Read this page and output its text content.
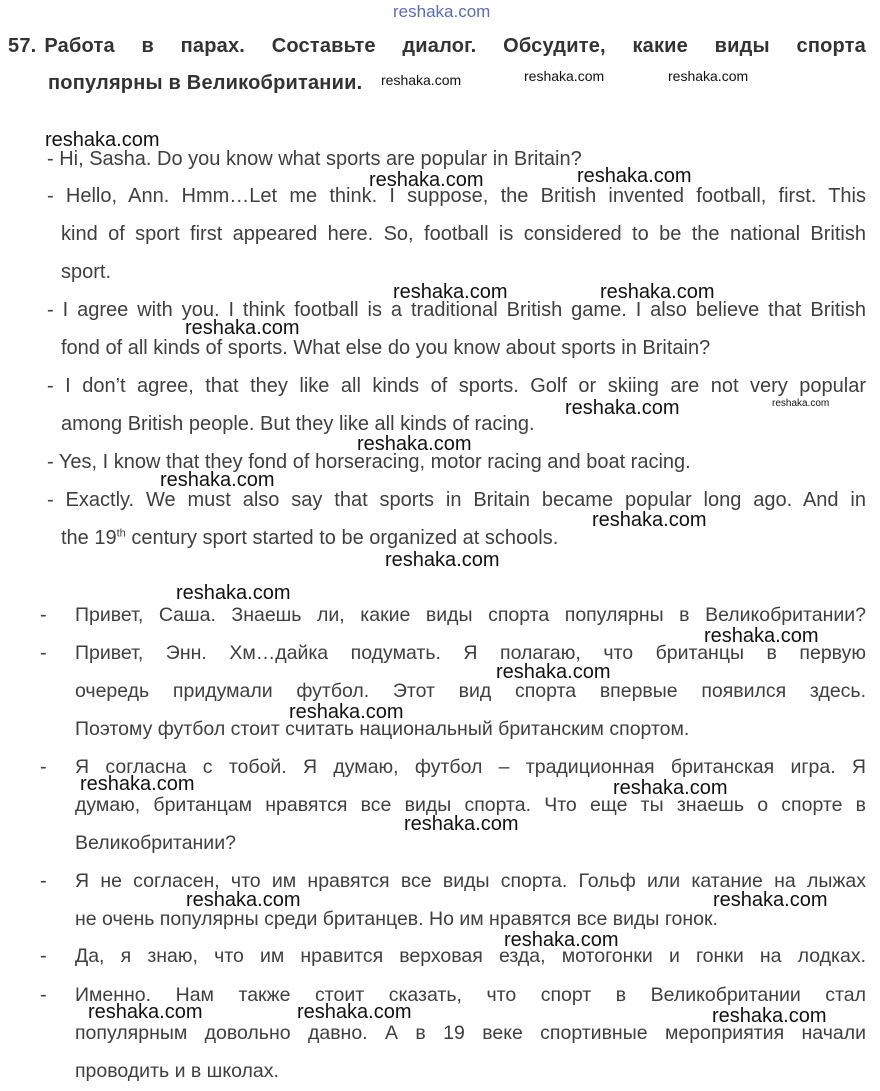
reshaka.com
57. Работа в парах. Составьте диалог. Обсудите, какие виды спорта
популярны в Великобритании.
- Hi, Sasha. Do you know what sports are popular in Britain?
- Hello, Ann. Hmm…Let me think. I suppose, the British invented football, first. This
kind of sport first appeared here. So, football is considered to be the national British
sport.
- I agree with you. I think football is a traditional British game. I also believe that British
fond of all kinds of sports. What else do you know about sports in Britain?
- I don’t agree, that they like all kinds of sports. Golf or skiing are not very popular
among British people. But they like all kinds of racing.
- Yes, I know that they fond of horseracing, motor racing and boat racing.
- Exactly. We must also say that sports in Britain became popular long ago. And in
the 19th century sport started to be organized at schools.
- Привет, Саша. Знаешь ли, какие виды спорта популярны в Великобритании?
- Привет, Энн. Хм…дайка подумать. Я полагаю, что британцы в первую
очередь придумали футбол. Этот вид спорта впервые появился здесь.
Поэтому футбол стоит считать национальный британским спортом.
- Я согласна с тобой. Я думаю, футбол – традиционная британская игра. Я
думаю, британцам нравятся все виды спорта. Что еще ты знаешь о спорте в
Великобритании?
- Я не согласен, что им нравятся все виды спорта. Гольф или катание на лыжах
не очень популярны среди британцев. Но им нравятся все виды гонок.
- Да, я знаю, что им нравится верховая езда, мотогонки и гонки на лодках.
- Именно. Нам также стоит сказать, что спорт в Великобритании стал
популярным довольно давно. А в 19 веке спортивные мероприятия начали
проводить и в школах.
reshaka.com	reshaka.com	reshaka.com
reshaka.com
reshaka.com	reshaka.com
reshaka.com	reshaka.com
reshaka.com
reshaka.com	reshaka.com
reshaka.com
reshaka.com
reshaka.com
reshaka.com
reshaka.com
reshaka.com
reshaka.com
reshaka.com
reshaka.com	reshaka.com
reshaka.com
reshaka.com	reshaka.com
reshaka.com
reshaka.com	reshaka.com	reshaka.com
